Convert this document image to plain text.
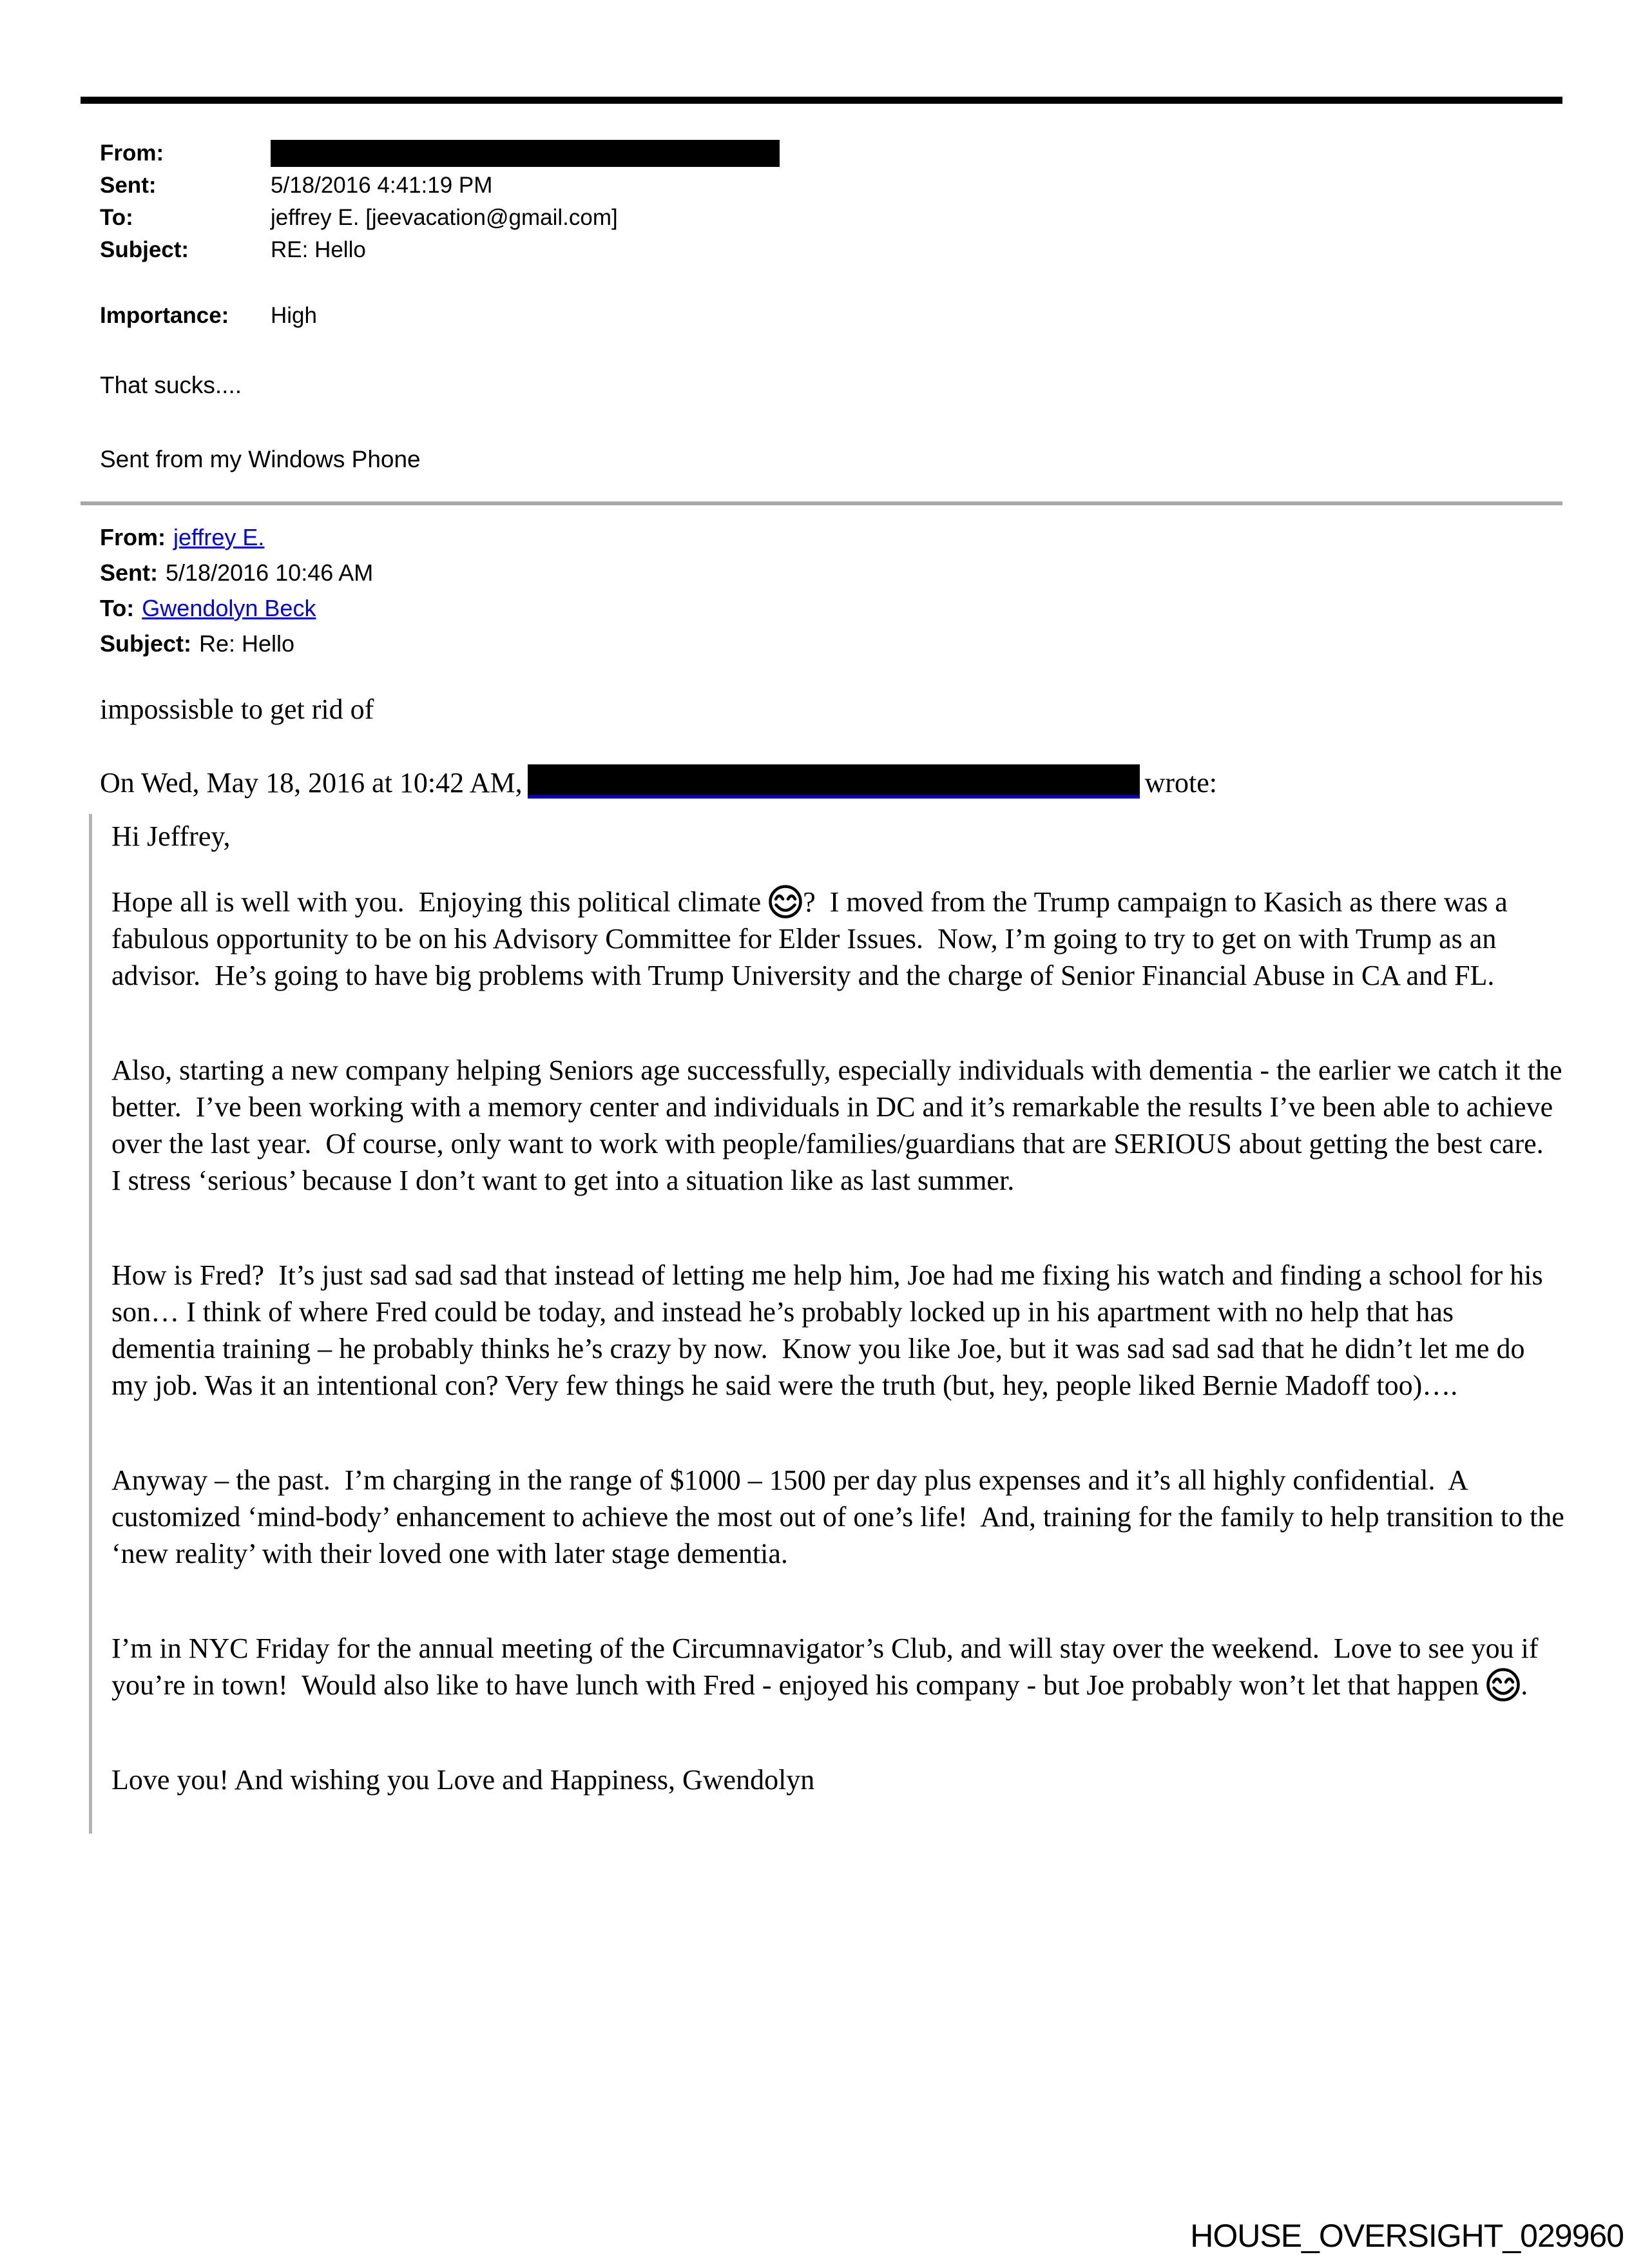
From:
Sent:	5/18/2016 4:41:19 PM
To:	jeffrey E. [jeevacation@gmail.com]
Subject:	RE: Hello
Importance:	High
That sucks....
Sent from my Windows Phone
From: jeffrey E.
Sent: 5/18/2016 10:46 AM
To: Gwendolyn Beck
Subject: Re: Hello
impossisble to get rid of
On Wed, May 18, 2016 at 10:42 AM,	wrote:

Hi Jeffrey,

Hope all is well with you.  Enjoying this political climate ?  I moved from the Trump campaign to Kasich as there was a fabulous opportunity to be on his Advisory Committee for Elder Issues.  Now, I’m going to try to get on with Trump as an advisor.  He’s going to have big problems with Trump University and the charge of Senior Financial Abuse in CA and FL.

Also, starting a new company helping Seniors age successfully, especially individuals with dementia - the earlier we catch it the better.  I’ve been working with a memory center and individuals in DC and it’s remarkable the results I’ve been able to achieve over the last year.  Of course, only want to work with people/families/guardians that are SERIOUS about getting the best care.  I stress ‘serious’ because I don’t want to get into a situation like as last summer.

How is Fred?  It’s just sad sad sad that instead of letting me help him, Joe had me fixing his watch and finding a school for his son… I think of where Fred could be today, and instead he’s probably locked up in his apartment with no help that has dementia training – he probably thinks he’s crazy by now.  Know you like Joe, but it was sad sad sad that he didn’t let me do my job. Was it an intentional con? Very few things he said were the truth (but, hey, people liked Bernie Madoff too)….

Anyway – the past.  I’m charging in the range of $1000 – 1500 per day plus expenses and it’s all highly confidential.  A customized ‘mind-body’ enhancement to achieve the most out of one’s life!  And, training for the family to help transition to the ‘new reality’ with their loved one with later stage dementia.

I’m in NYC Friday for the annual meeting of the Circumnavigator’s Club, and will stay over the weekend.  Love to see you if you’re in town!  Would also like to have lunch with Fred - enjoyed his company - but Joe probably won’t let that happen .

Love you! And wishing you Love and Happiness, Gwendolyn

HOUSE_OVERSIGHT_029960
